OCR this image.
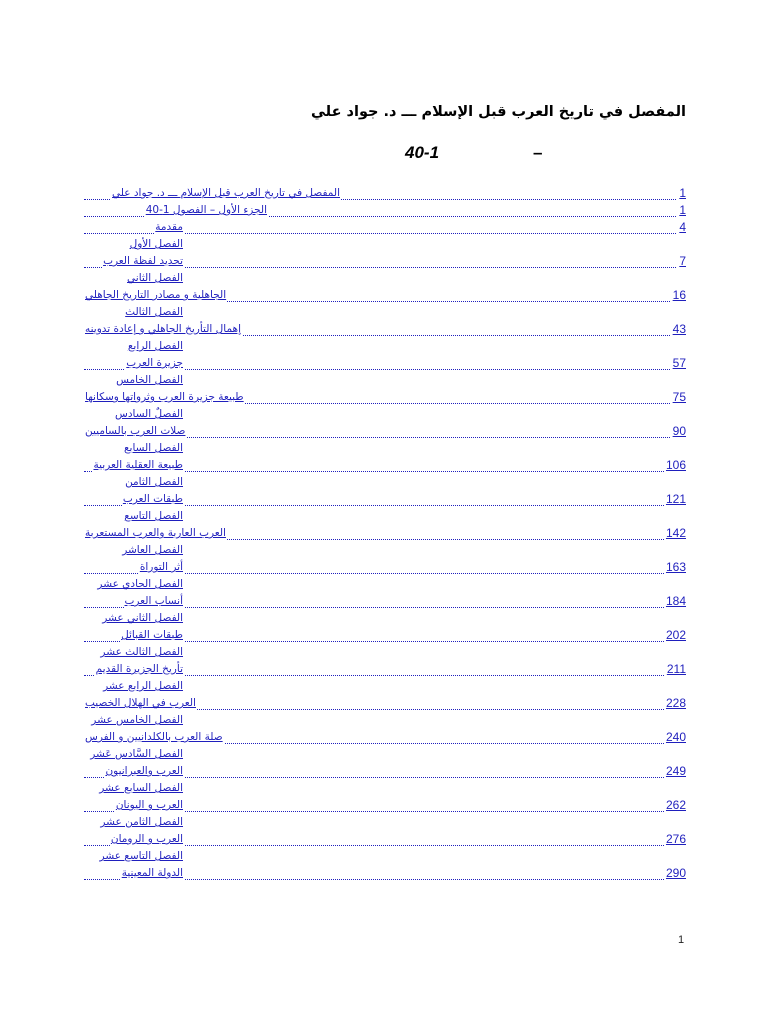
المفصل في تاريخ العرب قبل الإسلام ـــ د. جواد علي
40-1	–
المفصل في تاريخ العرب قبل الإسلام ـــ د. جواد علي	1
الجزء الأول – الفصول 1-40	1
مقدمة	4
الفصل الأول
تحديد لفظة العرب	7
الفصل الثاني
الجاهلية و مصادر التاريخ الجاهلي	16
الفصل الثالث
إهمال التأريخ الجاهلي و إعادة تدوينه	43
الفصل الرابع
جزيرة العرب	57
الفصل الخامس
طبيعة جزيرة العرب وثرواتها وسكانها	75
الفصلٌ السادس
صلات العرب بالساميين	90
الفصل السابع
طبيعة العقلية العربية	106
الفصل الثامن
طبقات العرب	121
الفصل التاسع
العرب العاربة والعرب المستعربة	142
الفصل العاشر
أثر التوراة	163
الفصل الحادي عشر
أنساب العرب	184
الفصل الثاني عشر
طبقات القبائل	202
الفصل الثالث عشر
تأريخ الجزيرة القديم	211
الفصل الرابع عشر
العرب في الهلال الخصيب	228
الفصل الخامس عشر
صلة العرب بالكلدانيين و الفرس	240
الفصل السَّادس عَشر
العرب والعبرانيون	249
الفصل السابع عشر
العرب و اليونان	262
الفصل الثامن عشر
العرب و الرومان	276
الفصل التاسع عشر
الدولة المعينية	290
1
